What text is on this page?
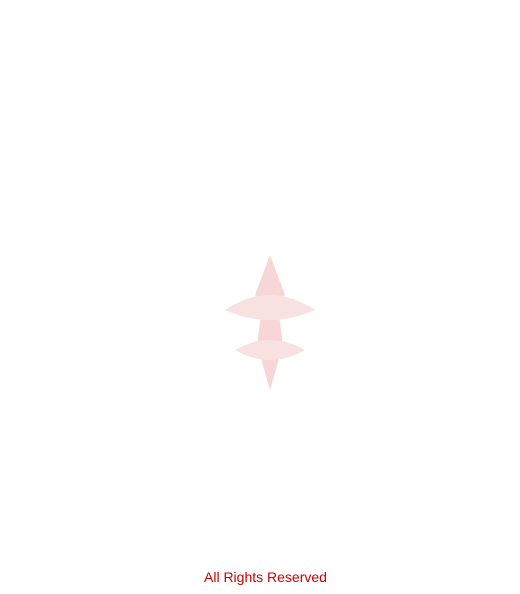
All Rights Reserved
